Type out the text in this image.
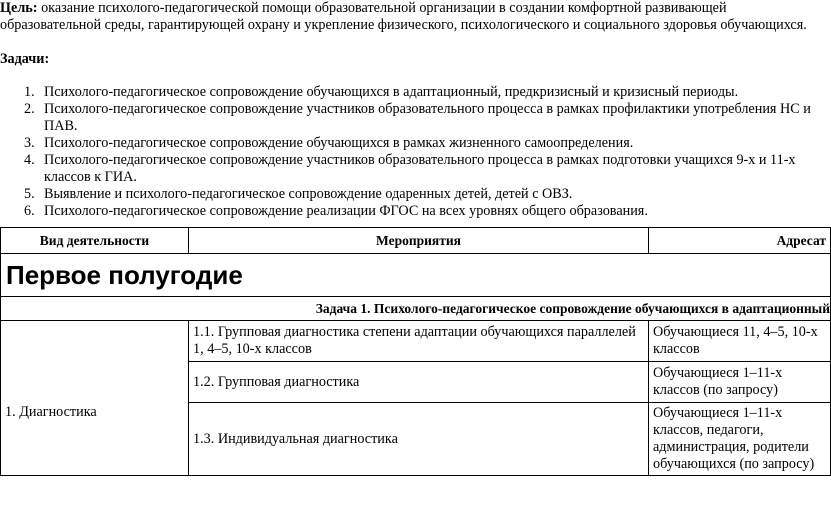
Цель: оказание психолого-педагогической помощи образовательной организации в создании комфортной развивающей образовательной среды, гарантирующей охрану и укрепление физического, психологического и социального здоровья обучающихся.
Задачи:
1. Психолого-педагогическое сопровождение обучающихся в адаптационный, предкризисный и кризисный периоды.
2. Психолого-педагогическое сопровождение участников образовательного процесса в рамках профилактики употребления НС и ПАВ.
3. Психолого-педагогическое сопровождение обучающихся в рамках жизненного самоопределения.
4. Психолого-педагогическое сопровождение участников образовательного процесса в рамках подготовки учащихся 9-х и 11-х классов к ГИА.
5. Выявление и психолого-педагогическое сопровождение одаренных детей, детей с ОВЗ.
6. Психолого-педагогическое сопровождение реализации ФГОС на всех уровнях общего образования.
Вид деятельности	Мероприятия	Адресат
Первое полугодие		
Задача 1. Психолого-педагогическое сопровождение обучающихся в адаптационный		
1. Диагностика	1.1. Групповая диагностика степени адаптации обучающихся параллелей 1, 4–5, 10-х классов	Обучающиеся 11, 4–5, 10-х классов
	1.2. Групповая диагностика	Обучающиеся 1–11-х классов (по запросу)
	1.3. Индивидуальная диагностика	Обучающиеся 1–11-х классов, педагоги, администрация, родители обучающихся (по запросу)
